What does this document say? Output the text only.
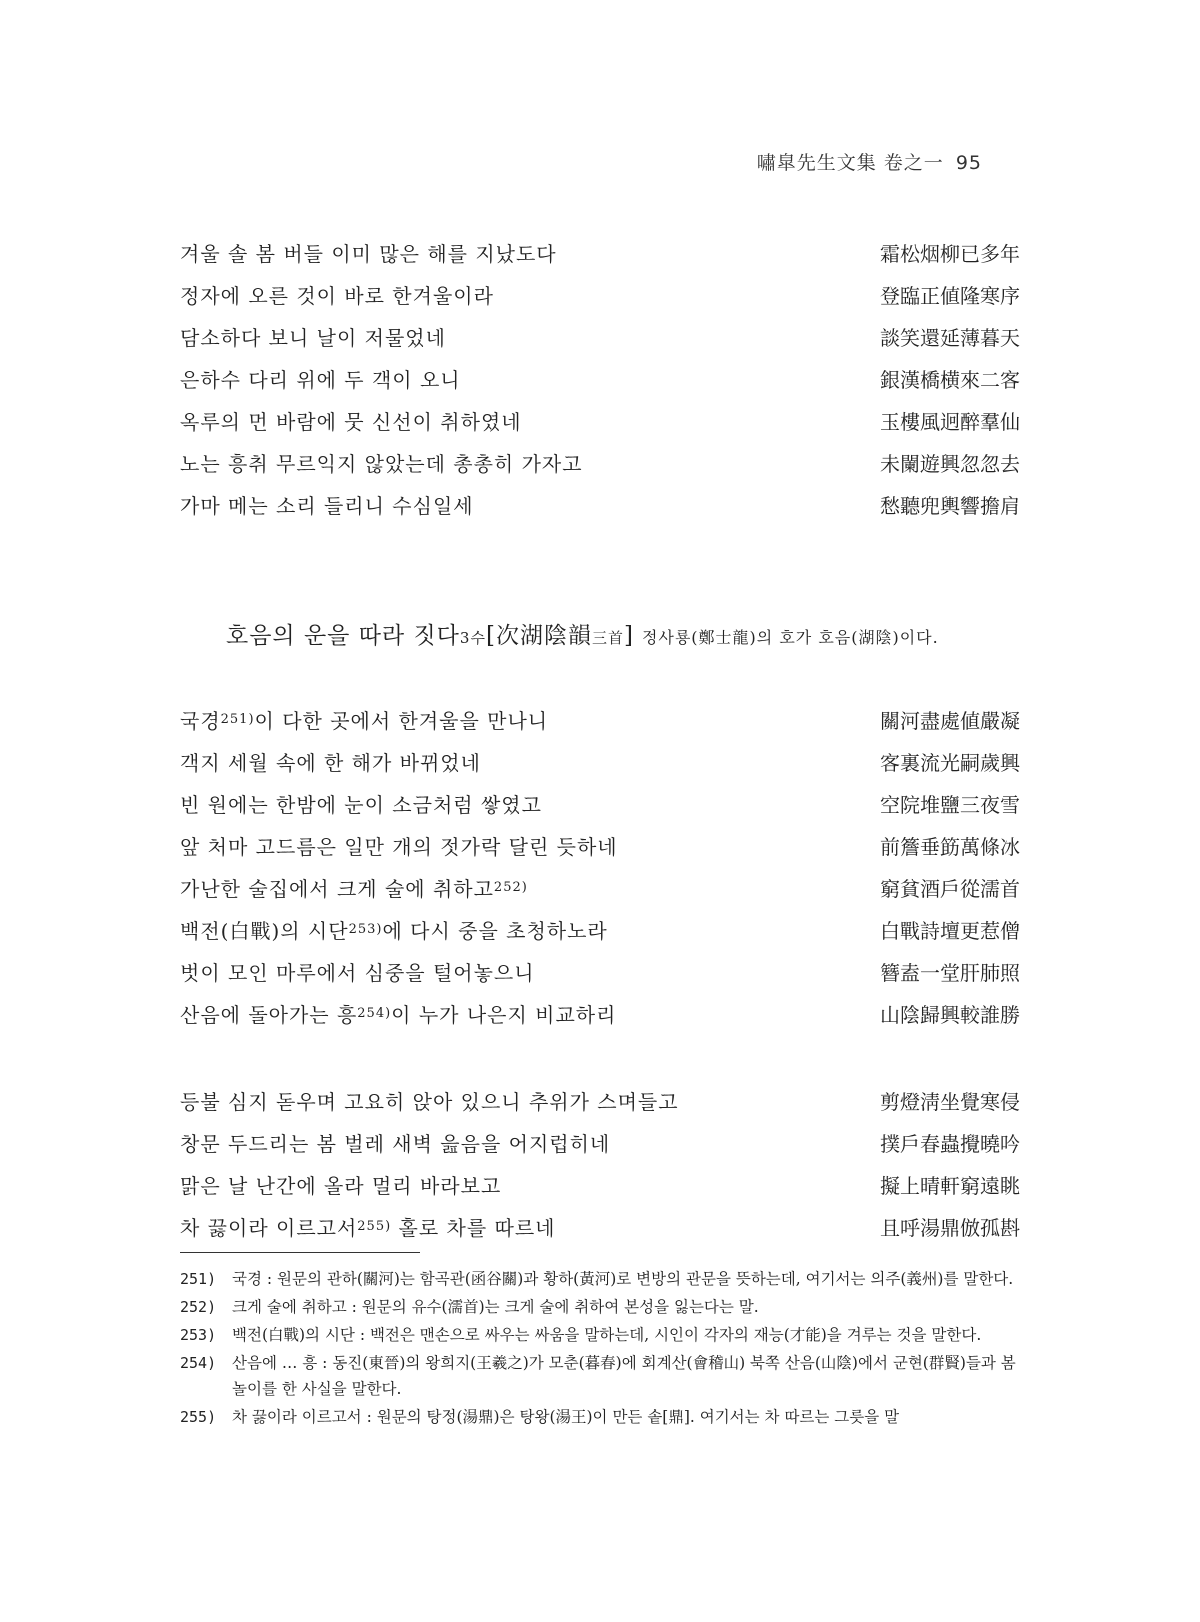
嘯皐先生文集 卷之一 95
겨울 솔 봄 버들 이미 많은 해를 지났도다	霜松烟柳已多年
정자에 오른 것이 바로 한겨울이라	登臨正値隆寒序
담소하다 보니 날이 저물었네	談笑還延薄暮天
은하수 다리 위에 두 객이 오니	銀漢橋横來二客
옥루의 먼 바람에 뭇 신선이 취하였네	玉樓風迥醉羣仙
노는 흥취 무르익지 않았는데 총총히 가자고	未闌遊興忽忽去
가마 메는 소리 들리니 수심일세	愁聽兜輿響擔肩
호음의 운을 따라 짓다3수[次湖陰韻三首] 정사룡(鄭士龍)의 호가 호음(湖陰)이다.
국경$^{251)}$이 다한 곳에서 한겨울을 만나니	關河盡處値嚴凝
객지 세월 속에 한 해가 바뀌었네	客裏流光嗣歲興
빈 원에는 한밤에 눈이 소금처럼 쌓였고	空院堆鹽三夜雪
앞 처마 고드름은 일만 개의 젓가락 달린 듯하네	前簷垂筯萬條冰
가난한 술집에서 크게 술에 취하고$^{252)}$	窮貧酒戶從濡首
백전(白戰)의 시단$^{253)}$에 다시 중을 초청하노라	白戰詩壇更惹僧
벗이 모인 마루에서 심중을 털어놓으니	簪盍一堂肝肺照
산음에 돌아가는 흥$^{254)}$이 누가 나은지 비교하리	山陰歸興較誰勝
등불 심지 돋우며 고요히 앉아 있으니 추위가 스며들고	剪燈淸坐覺寒侵
창문 두드리는 봄 벌레 새벽 읊음을 어지럽히네	撲戶春蟲攪曉吟
맑은 날 난간에 올라 멀리 바라보고	擬上晴軒窮遠眺
차 끓이라 이르고서$^{255)}$ 홀로 차를 따르네	且呼湯鼎倣孤斟
251) 국경 : 원문의 관하(關河)는 함곡관(函谷關)과 황하(黃河)로 변방의 관문을 뜻하는데, 여기서는 의주(義州)를 말한다.
252) 크게 술에 취하고 : 원문의 유수(濡首)는 크게 술에 취하여 본성을 잃는다는 말.
253) 백전(白戰)의 시단 : 백전은 맨손으로 싸우는 싸움을 말하는데, 시인이 각자의 재능(才能)을 겨루는 것을 말한다.
254) 산음에 … 흥 : 동진(東晉)의 왕희지(王羲之)가 모춘(暮春)에 회계산(會稽山) 북쪽 산음(山陰)에서 군현(群賢)들과 봄놀이를 한 사실을 말한다.
255) 차 끓이라 이르고서 : 원문의 탕정(湯鼎)은 탕왕(湯王)이 만든 솥[鼎]. 여기서는 차 따르는 그릇을 말
